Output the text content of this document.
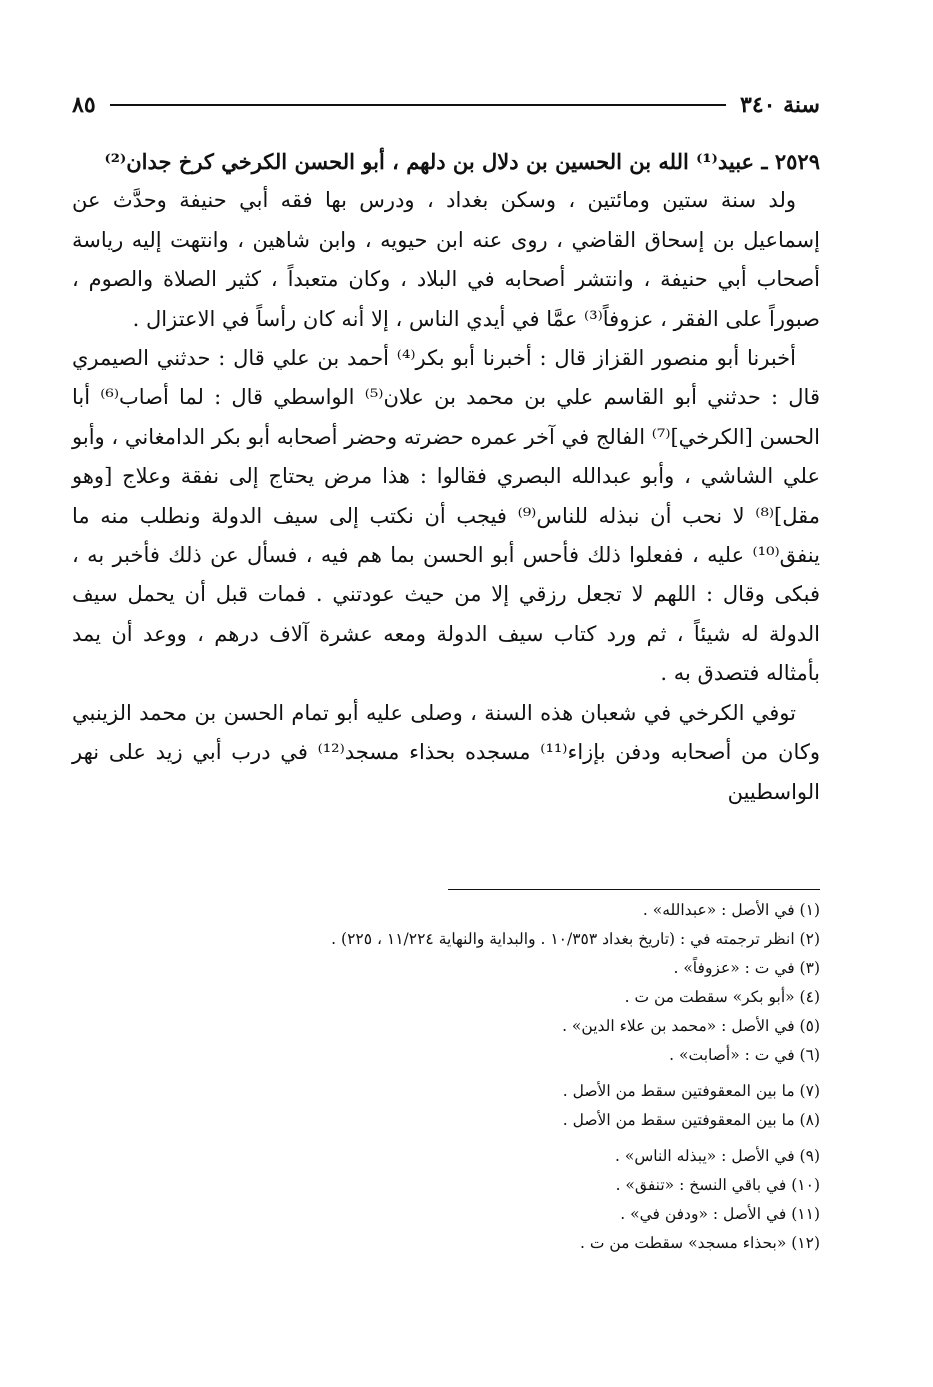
سنة ٣٤٠
٨٥

٢٥٢٩ ـ عبيد⁽¹⁾ الله بن الحسين بن دلال بن دلهم ، أبو الحسن الكرخي كرخ جدان⁽²⁾

ولد سنة ستين ومائتين ، وسكن بغداد ، ودرس بها فقه أبي حنيفة وحدَّث عن إسماعيل بن إسحاق القاضي ، روى عنه ابن حيويه ، وابن شاهين ، وانتهت إليه رياسة أصحاب أبي حنيفة ، وانتشر أصحابه في البلاد ، وكان متعبداً ، كثير الصلاة والصوم ، صبوراً على الفقر ، عزوفاً⁽³⁾ عمَّا في أيدي الناس ، إلا أنه كان رأساً في الاعتزال .

أخبرنا أبو منصور القزاز قال : أخبرنا أبو بكر⁽⁴⁾ أحمد بن علي قال : حدثني الصيمري قال : حدثني أبو القاسم علي بن محمد بن علان⁽⁵⁾ الواسطي قال : لما أصاب⁽⁶⁾ أبا الحسن [الكرخي]⁽⁷⁾ الفالج في آخر عمره حضرته وحضر أصحابه أبو بكر الدامغاني ، وأبو علي الشاشي ، وأبو عبدالله البصري فقالوا : هذا مرض يحتاج إلى نفقة وعلاج [وهو مقل]⁽⁸⁾ لا نحب أن نبذله للناس⁽⁹⁾ فيجب أن نكتب إلى سيف الدولة ونطلب منه ما ينفق⁽¹⁰⁾ عليه ، ففعلوا ذلك فأحس أبو الحسن بما هم فيه ، فسأل عن ذلك فأخبر به ، فبكى وقال : اللهم لا تجعل رزقي إلا من حيث عودتني . فمات قبل أن يحمل سيف الدولة له شيئاً ، ثم ورد كتاب سيف الدولة ومعه عشرة آلاف درهم ، ووعد أن يمد بأمثاله فتصدق به .

توفي الكرخي في شعبان هذه السنة ، وصلى عليه أبو تمام الحسن بن محمد الزينبي وكان من أصحابه ودفن بإزاء⁽¹¹⁾ مسجده بحذاء مسجد⁽¹²⁾ في درب أبي زيد على نهر الواسطيين

(١) في الأصل : «عبدالله» .
(٢) انظر ترجمته في : (تاريخ بغداد ١٠/٣٥٣ . والبداية والنهاية ١١/٢٢٤ ، ٢٢٥) .
(٣) في ت : «عزوفاً» .
(٤) «أبو بكر» سقطت من ت .
(٥) في الأصل : «محمد بن علاء الدين» .
(٦) في ت : «أصابت» .
(٧) ما بين المعقوفتين سقط من الأصل .
(٨) ما بين المعقوفتين سقط من الأصل .
(٩) في الأصل : «يبذله الناس» .
(١٠) في باقي النسخ : «تنفق» .
(١١) في الأصل : «ودفن في» .
(١٢) «بحذاء مسجد» سقطت من ت .
